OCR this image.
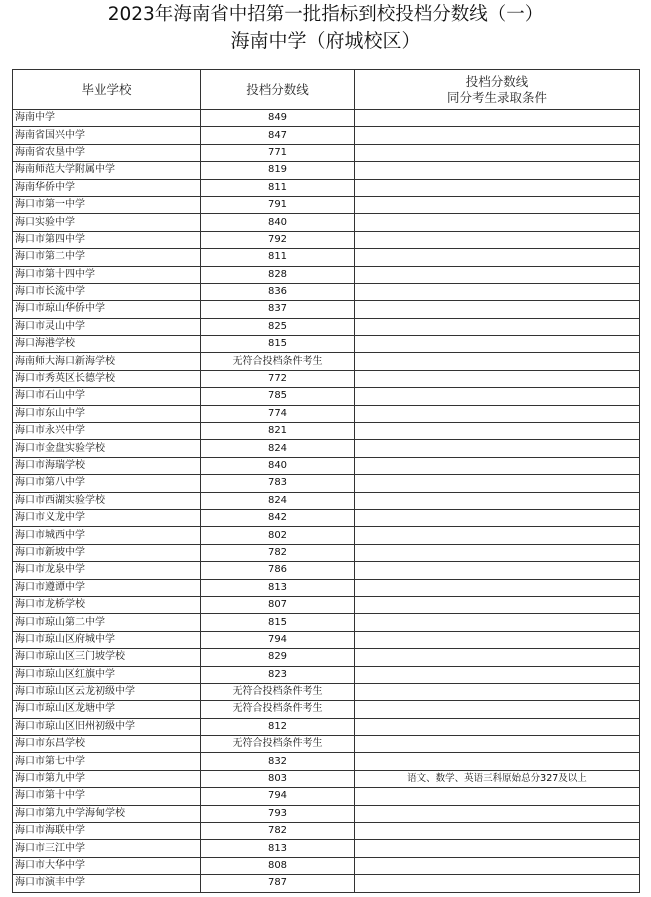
2023年海南省中招第一批指标到校投档分数线（一）
海南中学（府城校区）
毕业学校	投档分数线	投档分数线
同分考生录取条件

海南中学	849	
海南省国兴中学	847	
海南省农垦中学	771	
海南师范大学附属中学	819	
海南华侨中学	811	
海口市第一中学	791	
海口实验中学	840	
海口市第四中学	792	
海口市第二中学	811	
海口市第十四中学	828	
海口市长流中学	836	
海口市琼山华侨中学	837	
海口市灵山中学	825	
海口海港学校	815	
海南师大海口新海学校	无符合投档条件考生	
海口市秀英区长德学校	772	
海口市石山中学	785	
海口市东山中学	774	
海口市永兴中学	821	
海口市金盘实验学校	824	
海口市海瑞学校	840	
海口市第八中学	783	
海口市西湖实验学校	824	
海口市义龙中学	842	
海口市城西中学	802	
海口市新坡中学	782	
海口市龙泉中学	786	
海口市遵谭中学	813	
海口市龙桥学校	807	
海口市琼山第二中学	815	
海口市琼山区府城中学	794	
海口市琼山区三门坡学校	829	
海口市琼山区红旗中学	823	
海口市琼山区云龙初级中学	无符合投档条件考生	
海口市琼山区龙塘中学	无符合投档条件考生	
海口市琼山区旧州初级中学	812	
海口市东昌学校	无符合投档条件考生	
海口市第七中学	832	
海口市第九中学	803	语文、数学、英语三科原始总分327及以上
海口市第十中学	794	
海口市第九中学海甸学校	793	
海口市海联中学	782	
海口市三江中学	813	
海口市大华中学	808	
海口市演丰中学	787	
